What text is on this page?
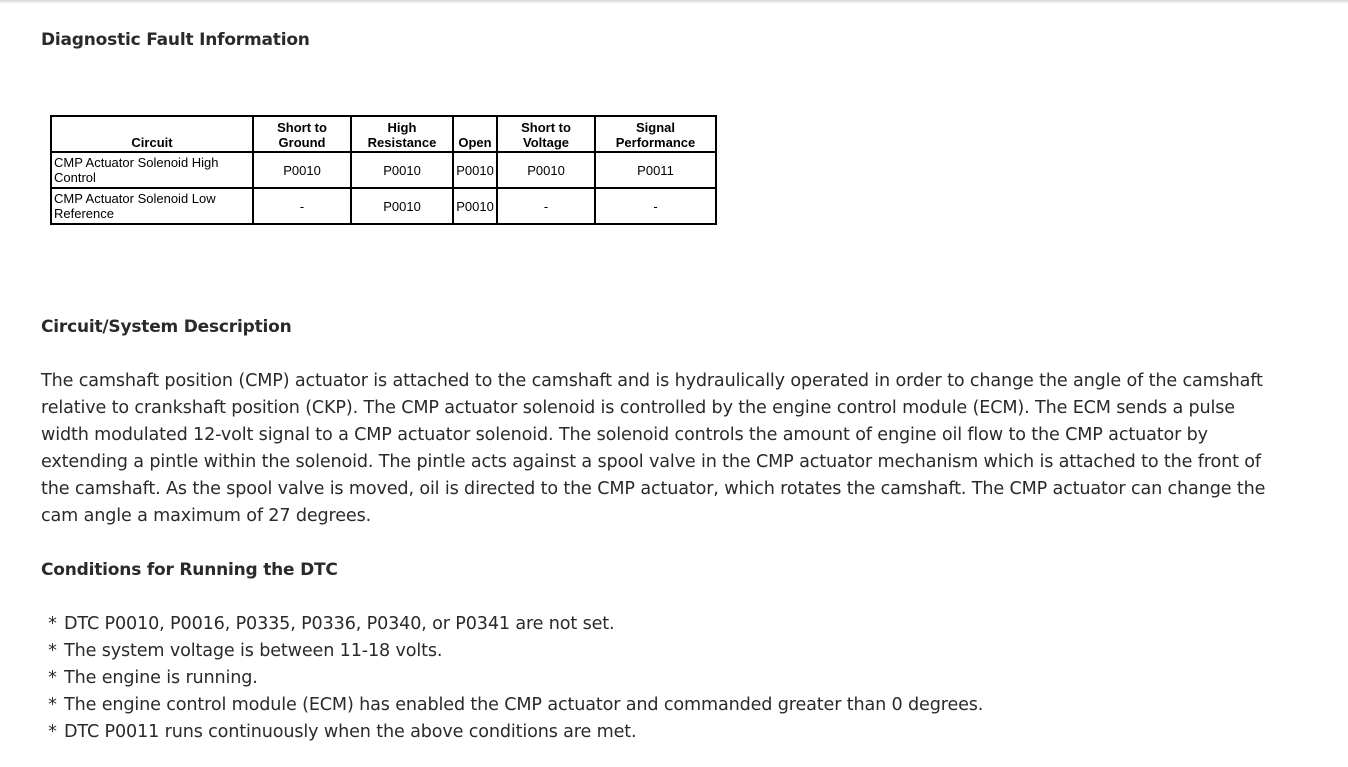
Diagnostic Fault Information
Circuit	Short to Ground	High Resistance	Open	Short to Voltage	Signal Performance
CMP Actuator Solenoid High Control	P0010	P0010	P0010	P0010	P0011
CMP Actuator Solenoid Low Reference	-	P0010	P0010	-	-
Circuit/System Description

The camshaft position (CMP) actuator is attached to the camshaft and is hydraulically operated in order to change the angle of the camshaft relative to crankshaft position (CKP). The CMP actuator solenoid is controlled by the engine control module (ECM). The ECM sends a pulse width modulated 12-volt signal to a CMP actuator solenoid. The solenoid controls the amount of engine oil flow to the CMP actuator by extending a pintle within the solenoid. The pintle acts against a spool valve in the CMP actuator mechanism which is attached to the front of the camshaft. As the spool valve is moved, oil is directed to the CMP actuator, which rotates the camshaft. The CMP actuator can change the cam angle a maximum of 27 degrees.

Conditions for Running the DTC
* DTC P0010, P0016, P0335, P0336, P0340, or P0341 are not set.
* The system voltage is between 11-18 volts.
* The engine is running.
* The engine control module (ECM) has enabled the CMP actuator and commanded greater than 0 degrees.
* DTC P0011 runs continuously when the above conditions are met.
